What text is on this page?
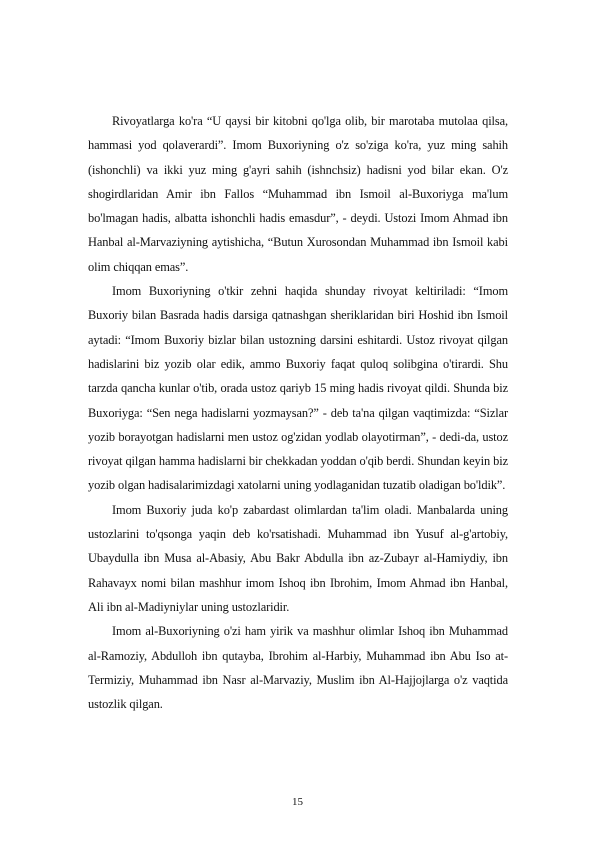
Rivoyatlarga ko'ra “U qaysi bir kitobni qo'lga olib, bir marotaba mutolaa qilsa, hammasi yod qolaverardi”. Imom Buxoriyning o'z so'ziga ko'ra, yuz ming sahih (ishonchli) va ikki yuz ming g'ayri sahih (ishnchsiz) hadisni yod bilar ekan. O'z shogirdlaridan Amir ibn Fallos “Muhammad ibn Ismoil al-Buxoriyga ma'lum bo'lmagan hadis, albatta ishonchli hadis emasdur”, - deydi. Ustozi Imom Ahmad ibn Hanbal al-Marvaziyning aytishicha, “Butun Xurosondan Muhammad ibn Ismoil kabi olim chiqqan emas”.

Imom Buxoriyning o'tkir zehni haqida shunday rivoyat keltiriladi: “Imom Buxoriy bilan Basrada hadis darsiga qatnashgan sheriklaridan biri Hoshid ibn Ismoil aytadi: “Imom Buxoriy bizlar bilan ustozning darsini eshitardi. Ustoz rivoyat qilgan hadislarini biz yozib olar edik, ammo Buxoriy faqat quloq solibgina o'tirardi. Shu tarzda qancha kunlar o'tib, orada ustoz qariyb 15 ming hadis rivoyat qildi. Shunda biz Buxoriyga: “Sen nega hadislarni yozmaysan?” - deb ta'na qilgan vaqtimizda: “Sizlar yozib borayotgan hadislarni men ustoz og'zidan yodlab olayotirman”, - dedi-da, ustoz rivoyat qilgan hamma hadislarni bir chekkadan yoddan o'qib berdi. Shundan keyin biz yozib olgan hadisalarimizdagi xatolarni uning yodlaganidan tuzatib oladigan bo'ldik”.

Imom Buxoriy juda ko'p zabardast olimlardan ta'lim oladi. Manbalarda uning ustozlarini to'qsonga yaqin deb ko'rsatishadi. Muhammad ibn Yusuf al-g'artobiy, Ubaydulla ibn Musa al-Abasiy, Abu Bakr Abdulla ibn az-Zubayr al-Hamiydiy, ibn Rahavayx nomi bilan mashhur imom Ishoq ibn Ibrohim, Imom Ahmad ibn Hanbal, Ali ibn al-Madiyniylar uning ustozlaridir.

Imom al-Buxoriyning o'zi ham yirik va mashhur olimlar Ishoq ibn Muhammad al-Ramoziy, Abdulloh ibn qutayba, Ibrohim al-Harbiy, Muhammad ibn Abu Iso at-Termiziy, Muhammad ibn Nasr al-Marvaziy, Muslim ibn Al-Hajjojlarga o'z vaqtida ustozlik qilgan.

15
